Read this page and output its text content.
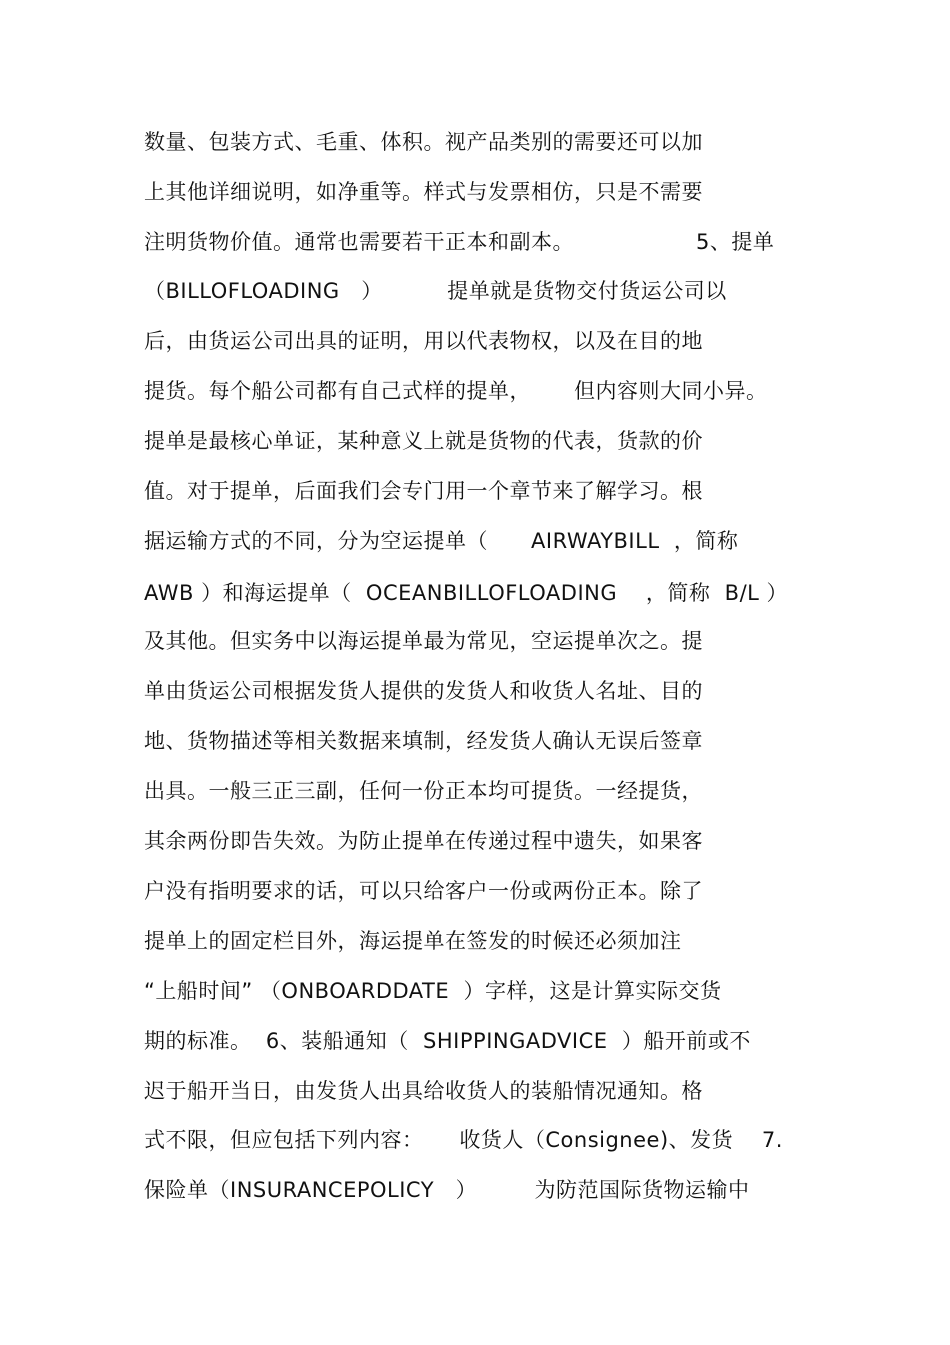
数量、包装方式、毛重、体积。视产品类别的需要还可以加
上其他详细说明，如净重等。样式与发票相仿，只是不需要
注明货物价值。通常也需要若干正本和副本。                 5、提单
（BILLOFLOADING   ）         提单就是货物交付货运公司以
后，由货运公司出具的证明，用以代表物权，以及在目的地
提货。每个船公司都有自己式样的提单，      但内容则大同小异。
提单是最核心单证，某种意义上就是货物的代表，货款的价
值。对于提单，后面我们会专门用一个章节来了解学习。根
据运输方式的不同，分为空运提单（      AIRWAYBILL  ，简称
AWB ）和海运提单（  OCEANBILLOFLOADING    ，简称  B/L ）
及其他。但实务中以海运提单最为常见，空运提单次之。提
单由货运公司根据发货人提供的发货人和收货人名址、目的
地、货物描述等相关数据来填制，经发货人确认无误后签章
出具。一般三正三副，任何一份正本均可提货。一经提货，
其余两份即告失效。为防止提单在传递过程中遗失，如果客
户没有指明要求的话，可以只给客户一份或两份正本。除了
提单上的固定栏目外，海运提单在签发的时候还必须加注
“上船时间” （ONBOARDDATE  ）字样，这是计算实际交货
期的标准。  6、装船通知（  SHIPPINGADVICE  ）船开前或不
迟于船开当日，由发货人出具给收货人的装船情况通知。格
式不限，但应包括下列内容：     收货人（Consignee)、发货    7.
保险单（INSURANCEPOLICY   ）        为防范国际货物运输中
